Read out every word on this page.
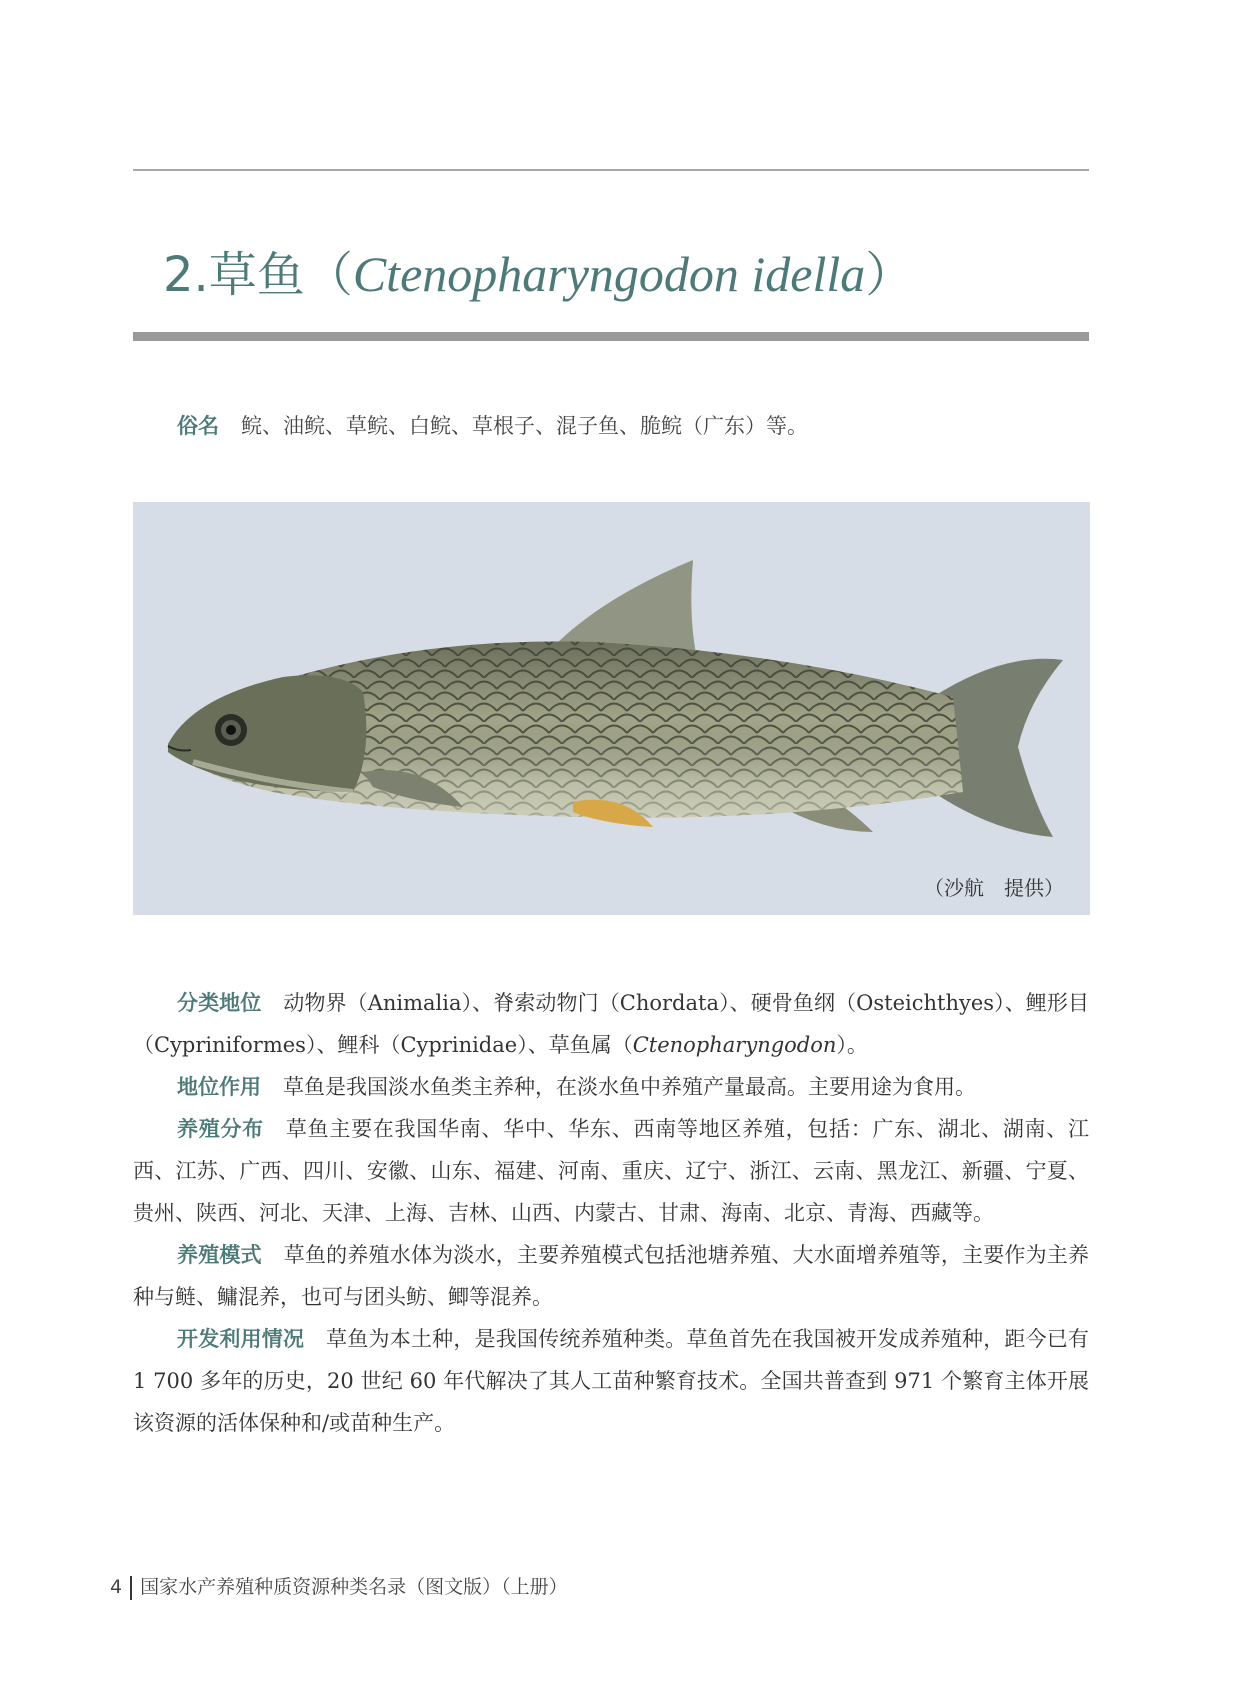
2.草鱼（Ctenopharyngodon idella）
俗名 鲩、油鲩、草鲩、白鲩、草根子、混子鱼、脆鲩（广东）等。
（沙航　提供）

分类地位 动物界（Animalia）、脊索动物门（Chordata）、硬骨鱼纲（Osteichthyes）、鲤形目（Cypriniformes）、鲤科（Cyprinidae）、草鱼属（Ctenopharyngodon）。

地位作用 草鱼是我国淡水鱼类主养种，在淡水鱼中养殖产量最高。主要用途为食用。

养殖分布 草鱼主要在我国华南、华中、华东、西南等地区养殖，包括：广东、湖北、湖南、江西、江苏、广西、四川、安徽、山东、福建、河南、重庆、辽宁、浙江、云南、黑龙江、新疆、宁夏、贵州、陕西、河北、天津、上海、吉林、山西、内蒙古、甘肃、海南、北京、青海、西藏等。

养殖模式 草鱼的养殖水体为淡水，主要养殖模式包括池塘养殖、大水面增养殖等，主要作为主养种与鲢、鳙混养，也可与团头鲂、鲫等混养。

开发利用情况 草鱼为本土种，是我国传统养殖种类。草鱼首先在我国被开发成养殖种，距今已有 1 700 多年的历史，20 世纪 60 年代解决了其人工苗种繁育技术。全国共普查到 971 个繁育主体开展该资源的活体保种和/或苗种生产。

4 国家水产养殖种质资源种类名录（图文版）（上册）
